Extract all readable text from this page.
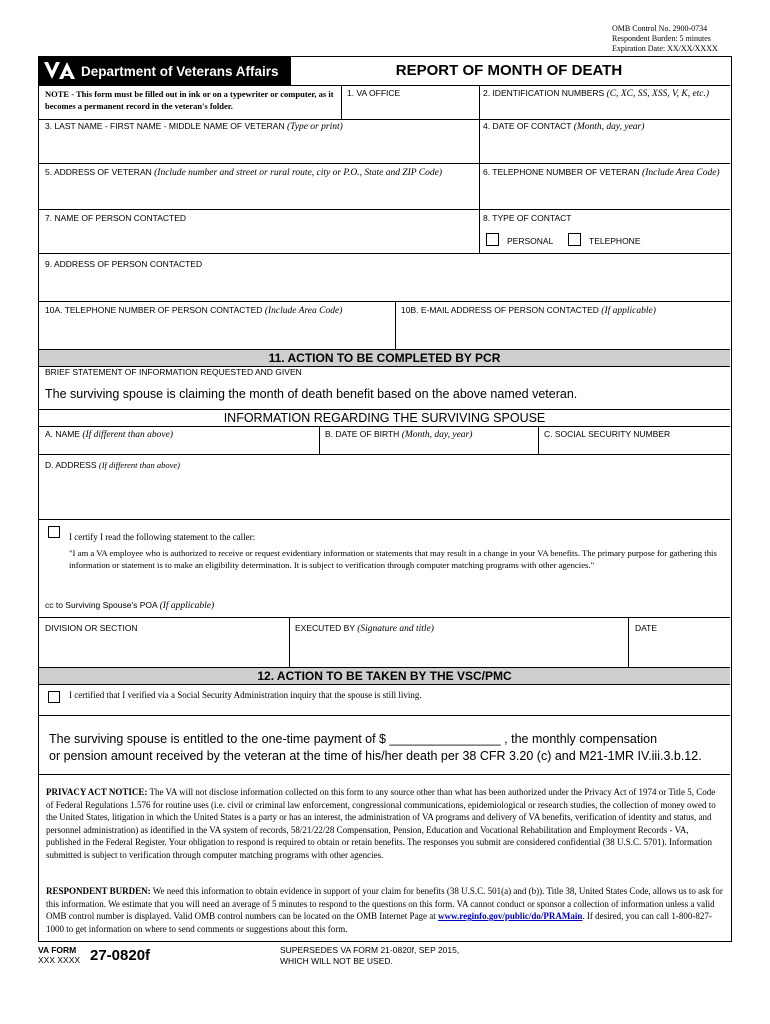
OMB Control No. 2900-0734
Respondent Burden: 5 minutes
Expiration Date: XX/XX/XXXX
Department of Veterans Affairs	REPORT OF MONTH OF DEATH
NOTE - This form must be filled out in ink or on a typewriter or computer, as it becomes a permanent record in the veteran's folder.
1. VA OFFICE	2. IDENTIFICATION NUMBERS (C, XC, SS, XSS, V, K, etc.)
3. LAST NAME - FIRST NAME - MIDDLE NAME OF VETERAN (Type or print)	4. DATE OF CONTACT (Month, day, year)
5. ADDRESS OF VETERAN (Include number and street or rural route, city or P.O., State and ZIP Code)	6. TELEPHONE NUMBER OF VETERAN (Include Area Code)
7. NAME OF PERSON CONTACTED	8. TYPE OF CONTACT
PERSONAL	TELEPHONE
9. ADDRESS OF PERSON CONTACTED
10A. TELEPHONE NUMBER OF PERSON CONTACTED (Include Area Code)	10B. E-MAIL ADDRESS OF PERSON CONTACTED (If applicable)
11. ACTION TO BE COMPLETED BY PCR
BRIEF STATEMENT OF INFORMATION REQUESTED AND GIVEN
The surviving spouse is claiming the month of death benefit based on the above named veteran.
INFORMATION REGARDING THE SURVIVING SPOUSE
A. NAME (If different than above)	B. DATE OF BIRTH (Month, day, year)	C. SOCIAL SECURITY NUMBER
D. ADDRESS (If different than above)
I certify I read the following statement to the caller:
"I am a VA employee who is authorized to receive or request evidentiary information or statements that may result in a change in your VA benefits. The primary purpose for gathering this information or statement is to make an eligibility determination. It is subject to verification through computer matching programs with other agencies."
cc to Surviving Spouse's POA (If applicable)
DIVISION OR SECTION	EXECUTED BY (Signature and title)	DATE
12. ACTION TO BE TAKEN BY THE VSC/PMC
I certified that I verified via a Social Security Administration inquiry that the spouse is still living.
The surviving spouse is entitled to the one-time payment of $ ________________ , the monthly compensation
or pension amount received by the veteran at the time of his/her death per 38 CFR 3.20 (c) and M21-1MR IV.iii.3.b.12.
PRIVACY ACT NOTICE: The VA will not disclose information collected on this form to any source other than what has been authorized under the Privacy Act of 1974 or Title 5, Code of Federal Regulations 1.576 for routine uses (i.e. civil or criminal law enforcement, congressional communications, epidemiological or research studies, the collection of money owed to the United States, litigation in which the United States is a party or has an interest, the administration of VA programs and delivery of VA benefits, verification of identity and status, and personnel administration) as identified in the VA system of records, 58/21/22/28 Compensation, Pension, Education and Vocational Rehabilitation and Employment Records - VA, published in the Federal Register. Your obligation to respond is required to obtain or retain benefits. The responses you submit are considered confidential (38 U.S.C. 5701). Information submitted is subject to verification through computer matching programs with other agencies.
RESPONDENT BURDEN: We need this information to obtain evidence in support of your claim for benefits (38 U.S.C. 501(a) and (b)). Title 38, United States Code, allows us to ask for this information. We estimate that you will need an average of 5 minutes to respond to the questions on this form. VA cannot conduct or sponsor a collection of information unless a valid OMB control number is displayed. Valid OMB control numbers can be located on the OMB Internet Page at www.reginfo.gov/public/do/PRAMain. If desired, you can call 1-800-827-1000 to get information on where to send comments or suggestions about this form.
VA FORM
XXX XXXX 27-0820f	SUPERSEDES VA FORM 21-0820f, SEP 2015,
WHICH WILL NOT BE USED.
